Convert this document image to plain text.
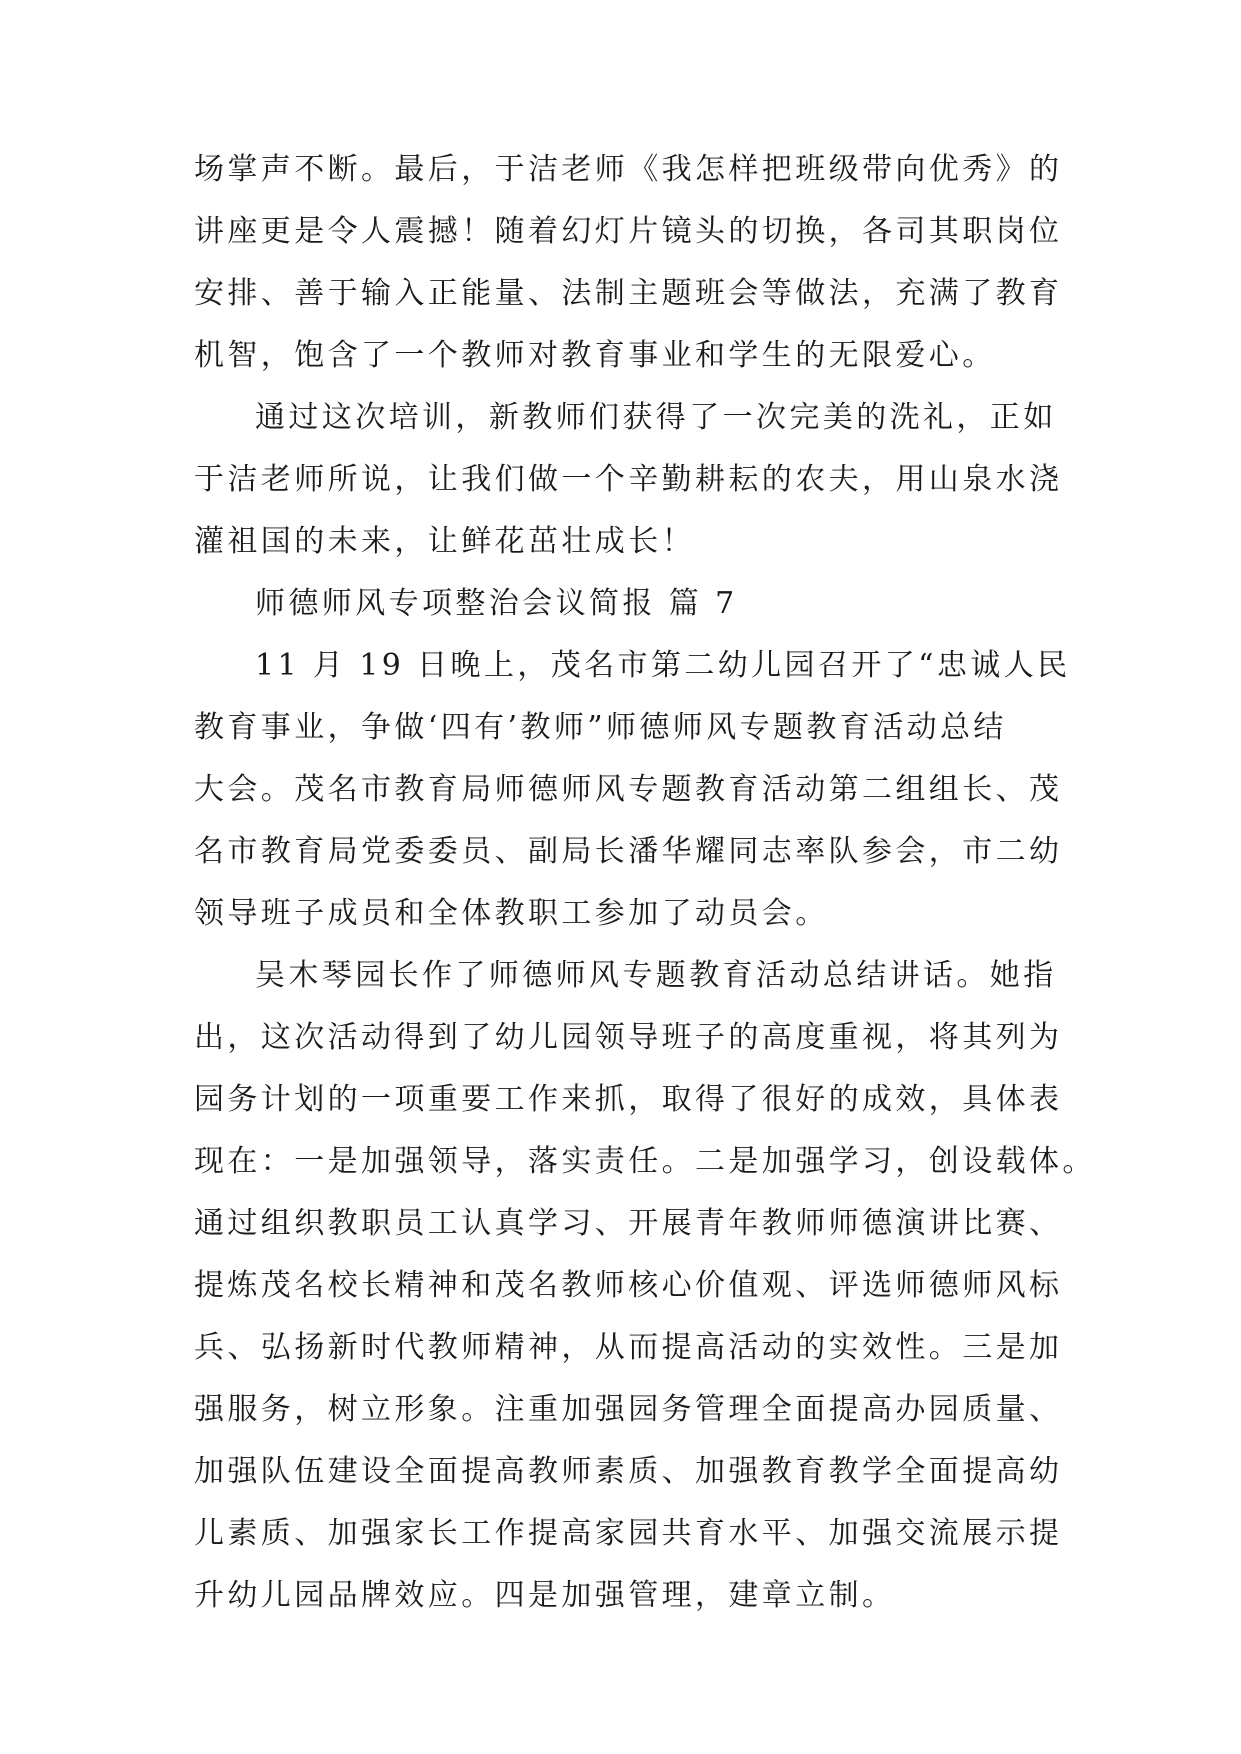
场掌声不断。最后，于洁老师《我怎样把班级带向优秀》的
讲座更是令人震撼！随着幻灯片镜头的切换，各司其职岗位
安排、善于输入正能量、法制主题班会等做法，充满了教育
机智，饱含了一个教师对教育事业和学生的无限爱心。
通过这次培训，新教师们获得了一次完美的洗礼，正如
于洁老师所说，让我们做一个辛勤耕耘的农夫，用山泉水浇
灌祖国的未来，让鲜花茁壮成长！
师德师风专项整治会议简报 篇 7
11 月 19 日晚上，茂名市第二幼儿园召开了“忠诚人民
教育事业，争做‘四有’教师”师德师风专题教育活动总结
大会。茂名市教育局师德师风专题教育活动第二组组长、茂
名市教育局党委委员、副局长潘华耀同志率队参会，市二幼
领导班子成员和全体教职工参加了动员会。
吴木琴园长作了师德师风专题教育活动总结讲话。她指
出，这次活动得到了幼儿园领导班子的高度重视，将其列为
园务计划的一项重要工作来抓，取得了很好的成效，具体表
现在：一是加强领导，落实责任。二是加强学习，创设载体。
通过组织教职员工认真学习、开展青年教师师德演讲比赛、
提炼茂名校长精神和茂名教师核心价值观、评选师德师风标
兵、弘扬新时代教师精神，从而提高活动的实效性。三是加
强服务，树立形象。注重加强园务管理全面提高办园质量、
加强队伍建设全面提高教师素质、加强教育教学全面提高幼
儿素质、加强家长工作提高家园共育水平、加强交流展示提
升幼儿园品牌效应。四是加强管理，建章立制。
